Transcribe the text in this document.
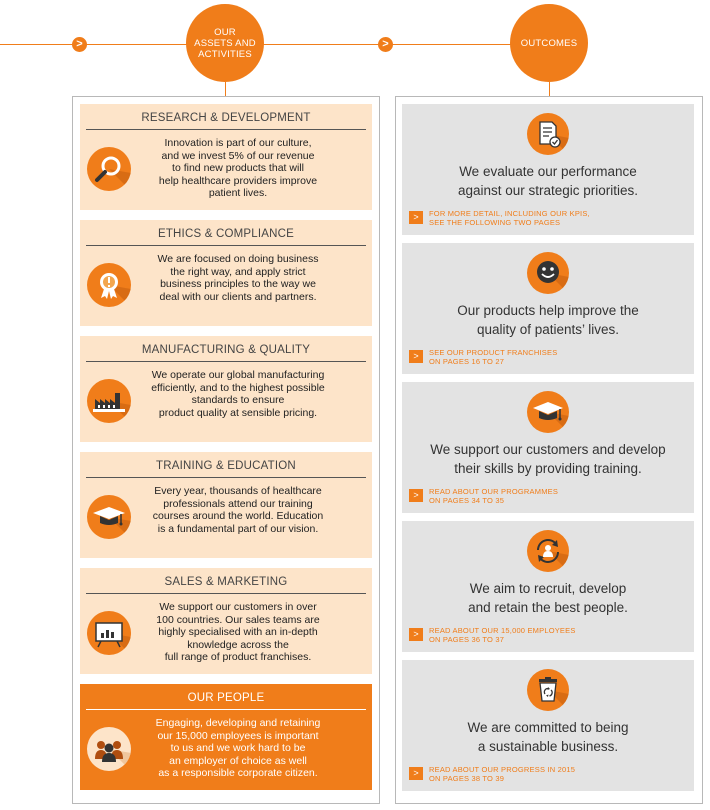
>	>
OUR
ASSETS AND
ACTIVITIES
OUTCOMES
RESEARCH & DEVELOPMENT
Innovation is part of our culture,
and we invest 5% of our revenue
to find new products that will
help healthcare providers improve
patient lives.
ETHICS & COMPLIANCE
We are focused on doing business
the right way, and apply strict
business principles to the way we
deal with our clients and partners.
MANUFACTURING & QUALITY
We operate our global manufacturing
efficiently, and to the highest possible
standards to ensure
product quality at sensible pricing.
TRAINING & EDUCATION
Every year, thousands of healthcare
professionals attend our training
courses around the world. Education
is a fundamental part of our vision.
SALES & MARKETING
We support our customers in over
100 countries. Our sales teams are
highly specialised with an in-depth
knowledge across the
full range of product franchises.
OUR PEOPLE
Engaging, developing and retaining
our 15,000 employees is important
to us and we work hard to be
an employer of choice as well
as a responsible corporate citizen.
We evaluate our performance
against our strategic priorities.
>	FOR MORE DETAIL, INCLUDING OUR KPIS,
SEE THE FOLLOWING TWO PAGES
Our products help improve the
quality of patients’ lives.
>	SEE OUR PRODUCT FRANCHISES
ON PAGES 16 TO 27
We support our customers and develop
their skills by providing training.
>	READ ABOUT OUR PROGRAMMES
ON PAGES 34 TO 35
We aim to recruit, develop
and retain the best people.
>	READ ABOUT OUR 15,000 EMPLOYEES
ON PAGES 36 TO 37
We are committed to being
a sustainable business.
>	READ ABOUT OUR PROGRESS IN 2015
ON PAGES 38 TO 39
